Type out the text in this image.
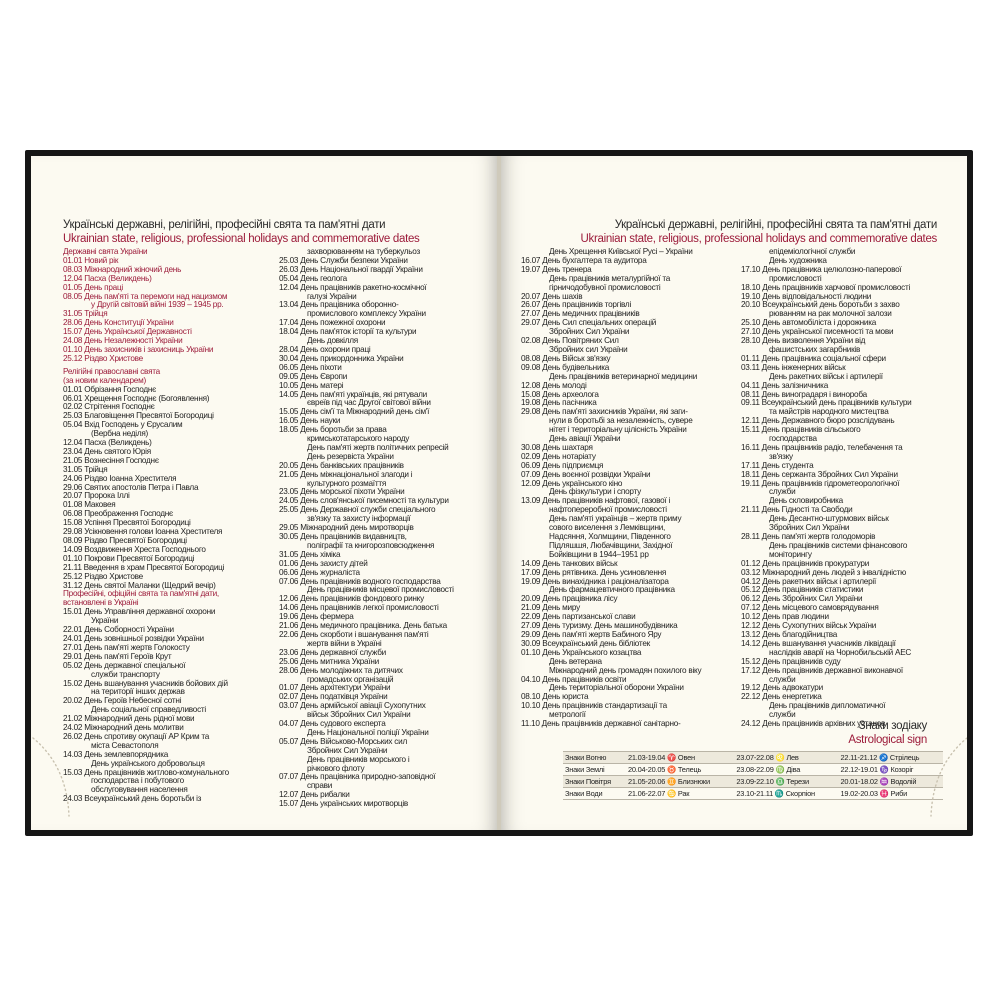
Українські державні, релігійні, професійні свята та пам'ятні дати
Ukrainian state, religious, professional holidays and commemorative dates
Державні свята України
01.01 Новий рік
08.03 Міжнародний жіночий день
12.04 Пасха (Великдень)
01.05 День праці
08.05 День пам'яті та перемоги над нацизмом
у Другій світовій війні 1939 – 1945 рр.
31.05 Трійця
28.06 День Конституції України
15.07 День Української Державності
24.08 День Незалежності України
01.10 День захисників і захисниць України
25.12 Різдво Христове
Релігійні православні свята
(за новим календарем)
01.01 Обрізання Господнє
06.01 Хрещення Господнє (Богоявлення)
02.02 Стрітення Господнє
25.03 Благовіщення Пресвятої Богородиці
05.04 Вхід Господень у Єрусалим
(Вербна неділя)
12.04 Пасха (Великдень)
23.04 День святого Юрія
21.05 Вознесіння Господнє
31.05 Трійця
24.06 Різдво Іоанна Хрестителя
29.06 Святих апостолів Петра і Павла
20.07 Пророка Іллі
01.08 Маковея
06.08 Преображення Господнє
15.08 Успіння Пресвятої Богородиці
29.08 Усікновення голови Іоанна Хрестителя
08.09 Різдво Пресвятої Богородиці
14.09 Воздвиження Хреста Господнього
01.10 Покрови Пресвятої Богородиці
21.11 Введення в храм Пресвятої Богородиці
25.12 Різдво Христове
31.12 День святої Маланки (Щедрий вечір)
Професійні, офіційні свята та пам'ятні дати,
встановлені в Україні
15.01 День Управління державної охорони
України
22.01 День Соборності України
24.01 День зовнішньої розвідки України
27.01 День пам'яті жертв Голокосту
29.01 День пам'яті Героїв Крут
05.02 День державної спеціальної
служби транспорту
15.02 День вшанування учасників бойових дій
на території інших держав
20.02 День Героїв Небесної сотні
День соціальної справедливості
21.02 Міжнародний день рідної мови
24.02 Міжнародний день молитви
26.02 День спротиву окупації АР Крим та
міста Севастополя
14.03 День землевпорядника
День українського добровольця
15.03 День працівників житлово-комунального
господарства і побутового
обслуговування населення
24.03 Всеукраїнський день боротьби із
захворюванням на туберкульоз
25.03 День Служби безпеки України
26.03 День Національної гвардії України
05.04 День геолога
12.04 День працівників ракетно-космічної
галузі України
13.04 День працівника оборонно-
промислового комплексу України
17.04 День пожежної охорони
18.04 День пам'яток історії та культури
День довкілля
28.04 День охорони праці
30.04 День прикордонника України
06.05 День піхоти
09.05 День Європи
10.05 День матері
14.05 День пам'яті українців, які рятували
євреїв під час Другої світової війни
15.05 День сім'ї та Міжнародний день сім'ї
16.05 День науки
18.05 День боротьби за права
кримськотатарського народу
День пам'яті жертв політичних репресій
День резервіста України
20.05 День банківських працівників
21.05 День міжнаціональної злагоди і
культурного розмаїття
23.05 День морської піхоти України
24.05 День слов'янської писемності та культури
25.05 День Державної служби спеціального
зв'язку та захисту інформації
29.05 Міжнародний день миротворців
30.05 День працівників видавництв,
поліграфії та книгорозповсюдження
31.05 День хіміка
01.06 День захисту дітей
06.06 День журналіста
07.06 День працівників водного господарства
День працівників місцевої промисловості
12.06 День працівників фондового ринку
14.06 День працівників легкої промисловості
19.06 День фермера
21.06 День медичного працівника. День батька
22.06 День скорботи і вшанування пам'яті
жертв війни в Україні
23.06 День державної служби
25.06 День митника України
28.06 День молодіжних та дитячих
громадських організацій
01.07 День архітектури України
02.07 День податківця України
03.07 День армійської авіації Сухопутних
військ Збройних Сил України
04.07 День судового експерта
День Національної поліції України
05.07 День Військово-Морських сил
Збройних Сил України
День працівників морського і
річкового флоту
07.07 День працівника природно-заповідної
справи
12.07 День рибалки
15.07 День українських миротворців
Українські державні, релігійні, професійні свята та пам'ятні дати
Ukrainian state, religious, professional holidays and commemorative dates
День Хрещення Київської Русі – України
16.07 День бухгалтера та аудитора
19.07 День тренера
День працівників металургійної та
гірничодобувної промисловості
20.07 День шахів
26.07 День працівників торгівлі
27.07 День медичних працівників
29.07 День Сил спеціальних операцій
Збройних Сил України
02.08 День Повітряних Сил
Збройних сил України
08.08 День Військ зв'язку
09.08 День будівельника
День працівників ветеринарної медицини
12.08 День молоді
15.08 День археолога
19.08 День пасічника
29.08 День пам'яті захисників України, які заги-
нули в боротьбі за незалежність, сувере
нітет і територіальну цілісність України
День авіації України
30.08 День шахтаря
02.09 День нотаріату
06.09 День підприємця
07.09 День воєнної розвідки України
12.09 День українського кіно
День фізкультури і спорту
13.09 День працівників нафтової, газової і
нафтопереробної промисловості
День пам'яті українців – жертв приму
сового виселення з Лемківщини,
Надсяння, Холмщини, Південного
Підляшшя, Любачівщини, Західної
Бойківщини в 1944–1951 рр
14.09 День танкових військ
17.09 День рятівника. День усиновлення
19.09 День винахідника і раціоналізатора
День фармацевтичного працівника
20.09 День працівника лісу
21.09 День миру
22.09 День партизанської слави
27.09 День туризму. День машинобудівника
29.09 День пам'яті жертв Бабиного Яру
30.09 Всеукраїнський день бібліотек
01.10 День Українського козацтва
День ветерана
Міжнародний день громадян похилого віку
04.10 День працівників освіти
День територіальної оборони України
08.10 День юриста
10.10 День працівників стандартизації та
метрології
11.10 День працівників державної санітарно-
епідеміологічної служби
День художника
17.10 День працівника целюлозно-паперової
промисловості
18.10 День працівників харчової промисловості
19.10 День відповідальності людини
20.10 Всеукраїнський день боротьби з захво
рюванням на рак молочної залози
25.10 День автомобіліста і дорожника
27.10 День української писемності та мови
28.10 День визволення України від
фашистських загарбників
01.11 День працівника соціальної сфери
03.11 День інженерних військ
День ракетних військ і артилерії
04.11 День залізничника
08.11 День виноградаря і винороба
09.11 Всеукраїнський день працівників культури
та майстрів народного мистецтва
12.11 День Державного бюро розслідувань
15.11 День працівників сільського
господарства
16.11 День працівників радіо, телебачення та
зв'язку
17.11 День студента
18.11 День сержанта Збройних Сил України
19.11 День працівників гідрометеорологічної
служби
День скловиробника
21.11 День Гідності та Свободи
День Десантно-штурмових військ
Збройних Сил України
28.11 День пам'яті жертв голодоморів
День працівників системи фінансового
моніторингу
01.12 День працівників прокуратури
03.12 Міжнародний день людей з інвалідністю
04.12 День ракетних військ і артилерії
05.12 День працівників статистики
06.12 День Збройних Сил України
07.12 День місцевого самоврядування
10.12 День прав людини
12.12 День Сухопутних військ України
13.12 День благодійництва
14.12 День вшанування учасників ліквідації
наслідків аварії на Чорнобильській АЕС
15.12 День працівників суду
17.12 День працівників державної виконавчої
служби
19.12 День адвокатури
22.12 День енергетика
День працівників дипломатичної
служби
24.12 День працівників архівних установ
Знаки зодіаку
Astrological sign
Знаки Вогню	21.03-19.04 ♈ Овен	23.07-22.08 ♌ Лев	22.11-21.12 ♐ Стрілець
Знаки Землі	20.04-20.05 ♉ Телець	23.08-22.09 ♍ Діва	22.12-19.01 ♑ Козоріг
Знаки Повітря	21.05-20.06 ♊ Близнюки	23.09-22.10 ♎ Терези	20.01-18.02 ♒ Водолій
Знаки Води	21.06-22.07 ♋ Рак	23.10-21.11 ♏ Скорпіон	19.02-20.03 ♓ Риби
